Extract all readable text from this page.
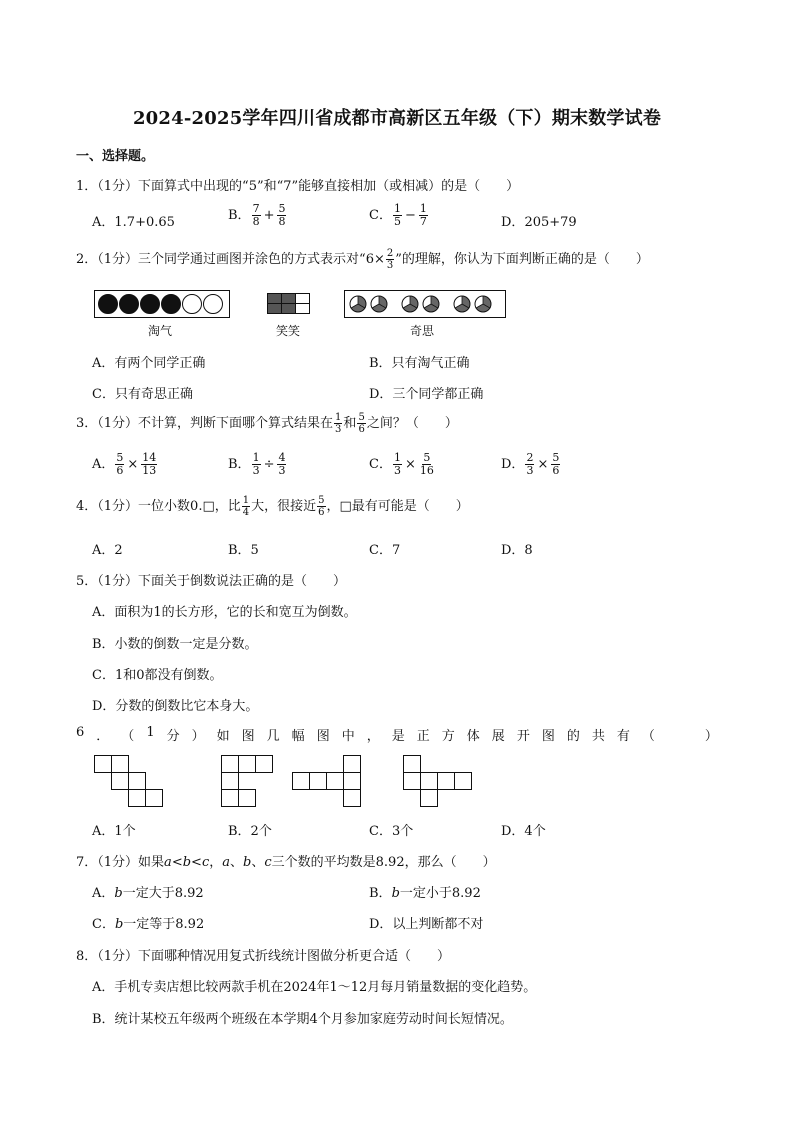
2024-2025学年四川省成都市高新区五年级（下）期末数学试卷
一、选择题。
1．（1分）下面算式中出现的“5”和“7”能够直接相加（或相减）的是（　　）
A．1.7+0.65	B． $\frac{7}{8} + \frac{5}{8}$	C． $\frac{1}{5} - \frac{1}{7}$	D．205+79
2．（1分）三个同学通过画图并涂色的方式表示对“$6\times \frac{2}{3}$ ”的理解，你认为下面判断正确的是（　　）
淘气	笑笑	奇思
A．有两个同学正确	B．只有淘气正确
C．只有奇思正确	D．三个同学都正确
3．（1分）不计算，判断下面哪个算式结果在 $\frac{1}{3}$ 和 $\frac{5}{6}$ 之间？（　　）
A． $\frac{5}{6} \times \frac{14}{13}$	B． $\frac{1}{3} \div \frac{4}{3}$	C． $\frac{1}{3} \times \frac{5}{16}$	D． $\frac{2}{3} \times \frac{5}{6}$
4．（1分）一位小数0.□，比 $\frac{1}{4}$ 大，很接近 $\frac{5}{6}$ ，□最有可能是（　　）
A．2	B．5	C．7	D．8
5．（1分）下面关于倒数说法正确的是（　　）
A．面积为1的长方形，它的长和宽互为倒数。
B．小数的倒数一定是分数。
C．1和0都没有倒数。
D．分数的倒数比它本身大。
6 ． （ 1 分 ） 如 图 几 幅 图 中 ， 是 正 方 体 展 开 图 的 共 有 （
　　	）
A．1个	B．2个	C．3个	D．4个
7．（1分）如果a<b<c，a、b、c三个数的平均数是8.92，那么（　　）
A．b一定大于8.92	B．b一定小于8.92
C．b一定等于8.92	D．以上判断都不对
8．（1分）下面哪种情况用复式折线统计图做分析更合适（　　）
A．手机专卖店想比较两款手机在2024年1～12月每月销量数据的变化趋势。
B．统计某校五年级两个班级在本学期4个月参加家庭劳动时间长短情况。
